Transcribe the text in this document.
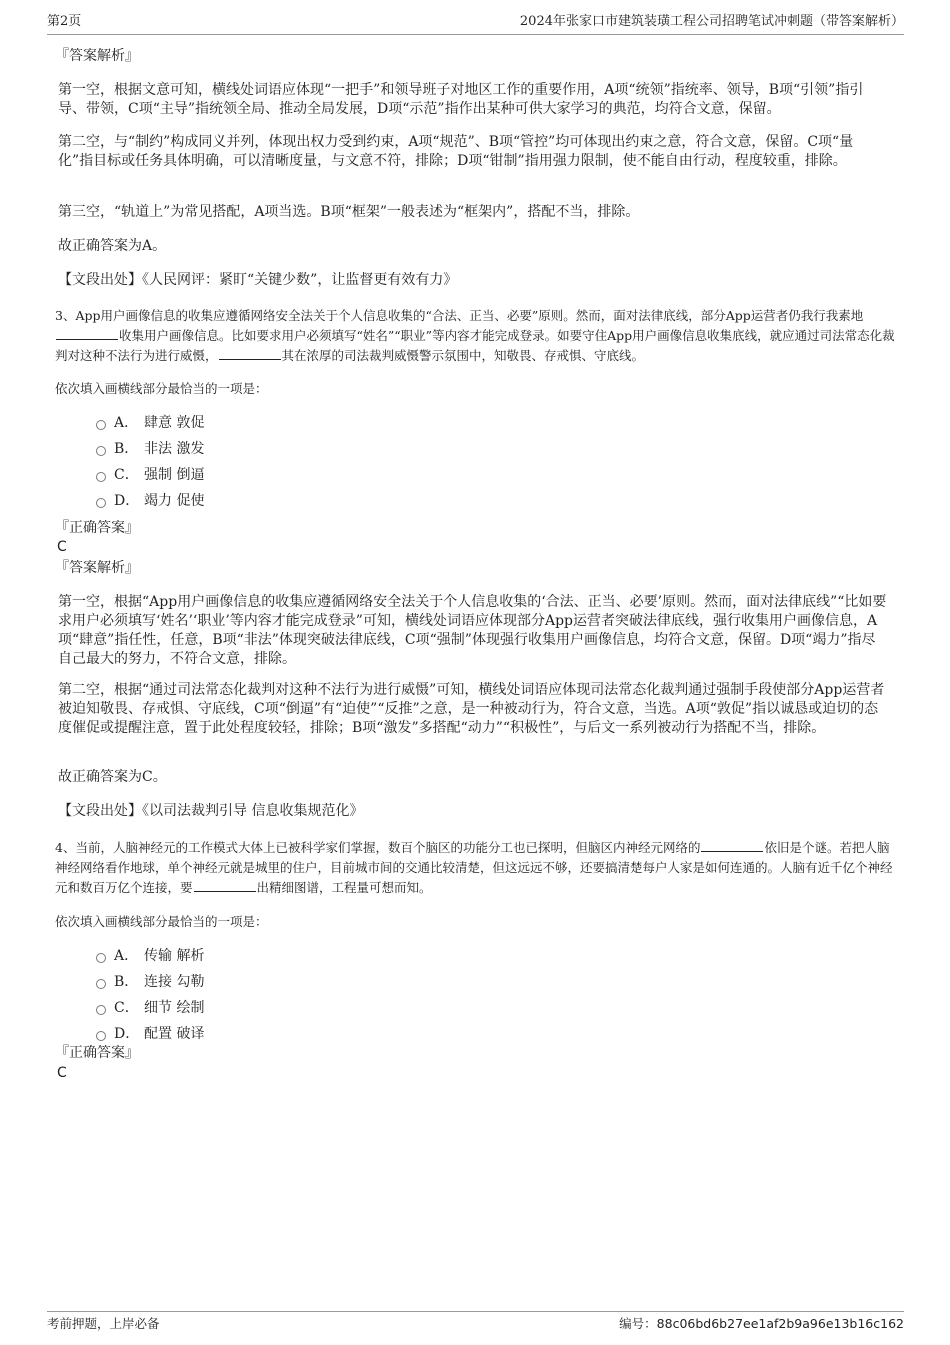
第2页	2024年张家口市建筑装璜工程公司招聘笔试冲刺题（带答案解析）
『答案解析』
第一空，根据文意可知，横线处词语应体现“一把手”和领导班子对地区工作的重要作用，A项“统领”指统率、领导，B项“引领”指引导、带领，C项“主导”指统领全局、推动全局发展，D项“示范”指作出某种可供大家学习的典范，均符合文意，保留。
第二空，与“制约”构成同义并列，体现出权力受到约束，A项“规范”、B项“管控”均可体现出约束之意，符合文意，保留。C项“量化”指目标或任务具体明确，可以清晰度量，与文意不符，排除；D项“钳制”指用强力限制，使不能自由行动，程度较重，排除。
第三空，“轨道上”为常见搭配，A项当选。B项“框架”一般表述为“框架内”，搭配不当，排除。
故正确答案为A。
【文段出处】《人民网评：紧盯“关键少数”，让监督更有效有力》
3、App用户画像信息的收集应遵循网络安全法关于个人信息收集的“合法、正当、必要”原则。然而，面对法律底线，部分App运营者仍我行我素地收集用户画像信息。比如要求用户必须填写“姓名”“职业”等内容才能完成登录。如要守住App用户画像信息收集底线，就应通过司法常态化裁判对这种不法行为进行威慑，	其在浓厚的司法裁判威慑警示氛围中，知敬畏、存戒惧、守底线。
依次填入画横线部分最恰当的一项是：
A． 肆意 敦促
B． 非法 激发
C． 强制 倒逼
D． 竭力 促使
『正确答案』
C
『答案解析』
第一空，根据“App用户画像信息的收集应遵循网络安全法关于个人信息收集的‘合法、正当、必要’原则。然而，面对法律底线”“比如要求用户必须填写‘姓名’‘职业’等内容才能完成登录”可知，横线处词语应体现部分App运营者突破法律底线，强行收集用户画像信息，A项“肆意”指任性，任意，B项“非法”体现突破法律底线，C项“强制”体现强行收集用户画像信息，均符合文意，保留。D项“竭力”指尽自己最大的努力，不符合文意，排除。
第二空，根据“通过司法常态化裁判对这种不法行为进行威慑”可知，横线处词语应体现司法常态化裁判通过强制手段使部分App运营者被迫知敬畏、存戒惧、守底线，C项“倒逼”有“迫使”“反推”之意，是一种被动行为，符合文意，当选。A项“敦促”指以诚恳或迫切的态度催促或提醒注意，置于此处程度较轻，排除；B项“激发”多搭配“动力”“积极性”，与后文一系列被动行为搭配不当，排除。
故正确答案为C。
【文段出处】《以司法裁判引导 信息收集规范化》
4、当前，人脑神经元的工作模式大体上已被科学家们掌握，数百个脑区的功能分工也已探明，但脑区内神经元网络的	依旧是个谜。若把人脑神经网络看作地球，单个神经元就是城里的住户，目前城市间的交通比较清楚，但这远远不够，还要搞清楚每户人家是如何连通的。人脑有近千亿个神经元和数百万亿个连接，要	出精细图谱，工程量可想而知。
依次填入画横线部分最恰当的一项是：
A． 传输 解析
B． 连接 勾勒
C． 细节 绘制
D． 配置 破译
『正确答案』
C
考前押题，上岸必备	编号：88c06bd6b27ee1af2b9a96e13b16c162
